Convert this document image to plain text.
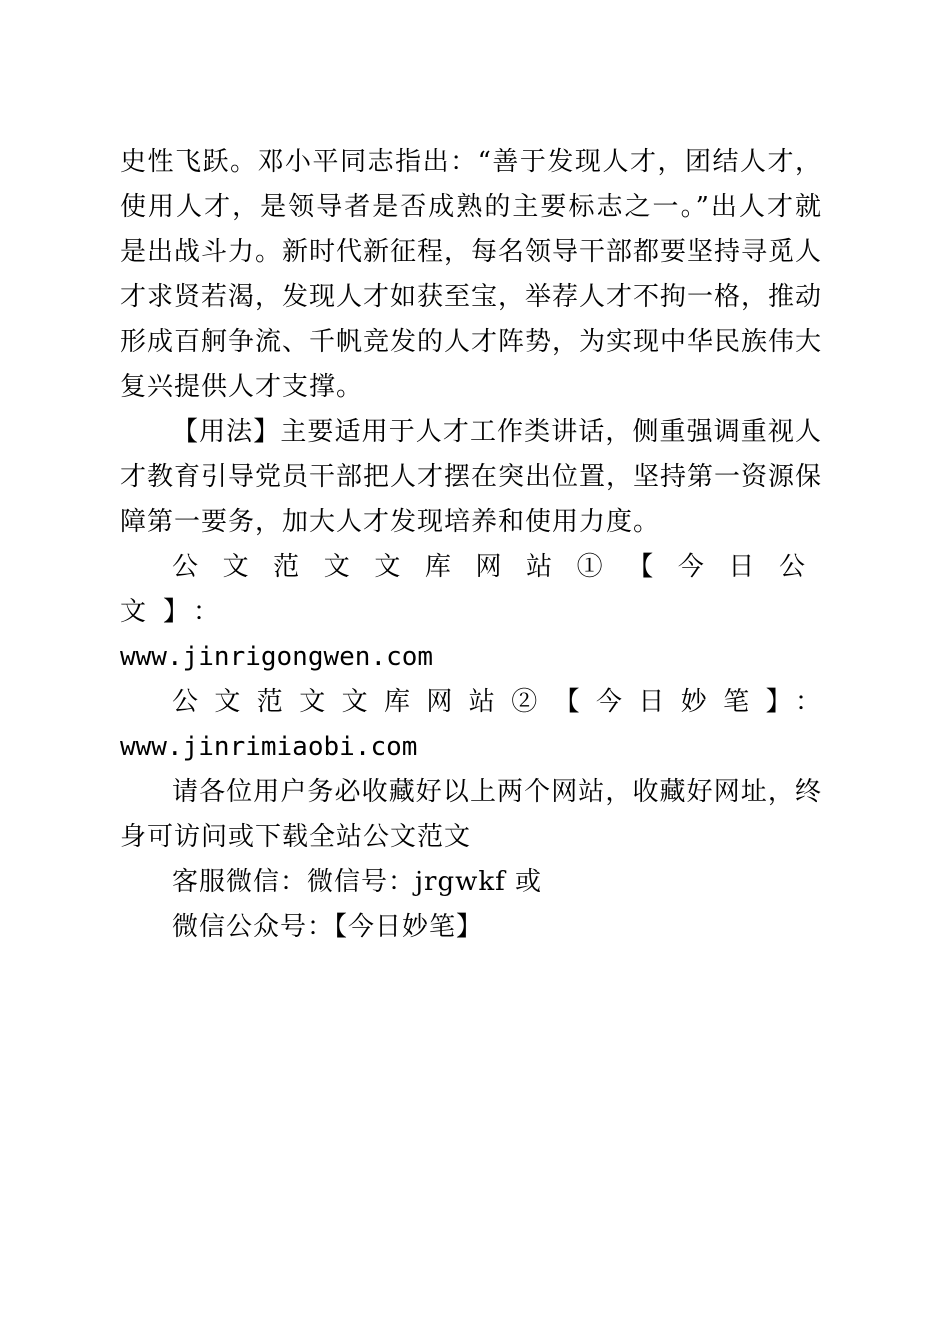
史性飞跃。邓小平同志指出：“善于发现人才，团结人才，使用人才，是领导者是否成熟的主要标志之一。”出人才就是出战斗力。新时代新征程，每名领导干部都要坚持寻觅人才求贤若渴，发现人才如获至宝，举荐人才不拘一格，推动形成百舸争流、千帆竞发的人才阵势，为实现中华民族伟大复兴提供人才支撑。

【用法】主要适用于人才工作类讲话，侧重强调重视人才教育引导党员干部把人才摆在突出位置，坚持第一资源保障第一要务，加大人才发现培养和使用力度。

公文范文文库网站①【今日公文】：
www.jinrigongwen.com

公文范文文库网站②【今日妙笔】：www.jinrimiaobi.com

请各位用户务必收藏好以上两个网站，收藏好网址，终身可访问或下载全站公文范文

客服微信：微信号：jrgwkf 或

微信公众号：【今日妙笔】
